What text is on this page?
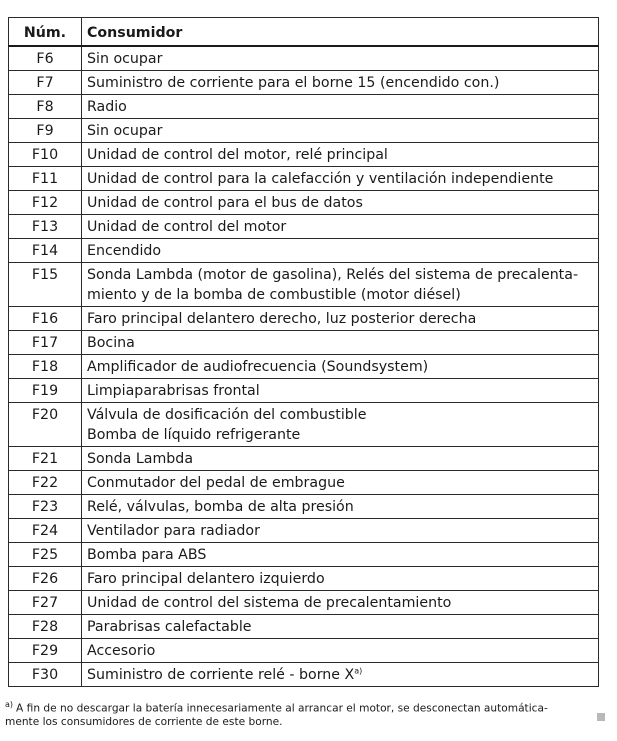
Núm.	Consumidor
F6	Sin ocupar
F7	Suministro de corriente para el borne 15 (encendido con.)
F8	Radio
F9	Sin ocupar
F10	Unidad de control del motor, relé principal
F11	Unidad de control para la calefacción y ventilación independiente
F12	Unidad de control para el bus de datos
F13	Unidad de control del motor
F14	Encendido
F15	Sonda Lambda (motor de gasolina), Relés del sistema de precalenta-
miento y de la bomba de combustible (motor diésel)
F16	Faro principal delantero derecho, luz posterior derecha
F17	Bocina
F18	Amplificador de audiofrecuencia (Soundsystem)
F19	Limpiaparabrisas frontal
F20	Válvula de dosificación del combustible
Bomba de líquido refrigerante
F21	Sonda Lambda
F22	Conmutador del pedal de embrague
F23	Relé, válvulas, bomba de alta presión
F24	Ventilador para radiador
F25	Bomba para ABS
F26	Faro principal delantero izquierdo
F27	Unidad de control del sistema de precalentamiento
F28	Parabrisas calefactable
F29	Accesorio
F30	Suministro de corriente relé - borne X$^{a)}$
$^{a)}$ A fin de no descargar la batería innecesariamente al arrancar el motor, se desconectan automática-
mente los consumidores de corriente de este borne.
